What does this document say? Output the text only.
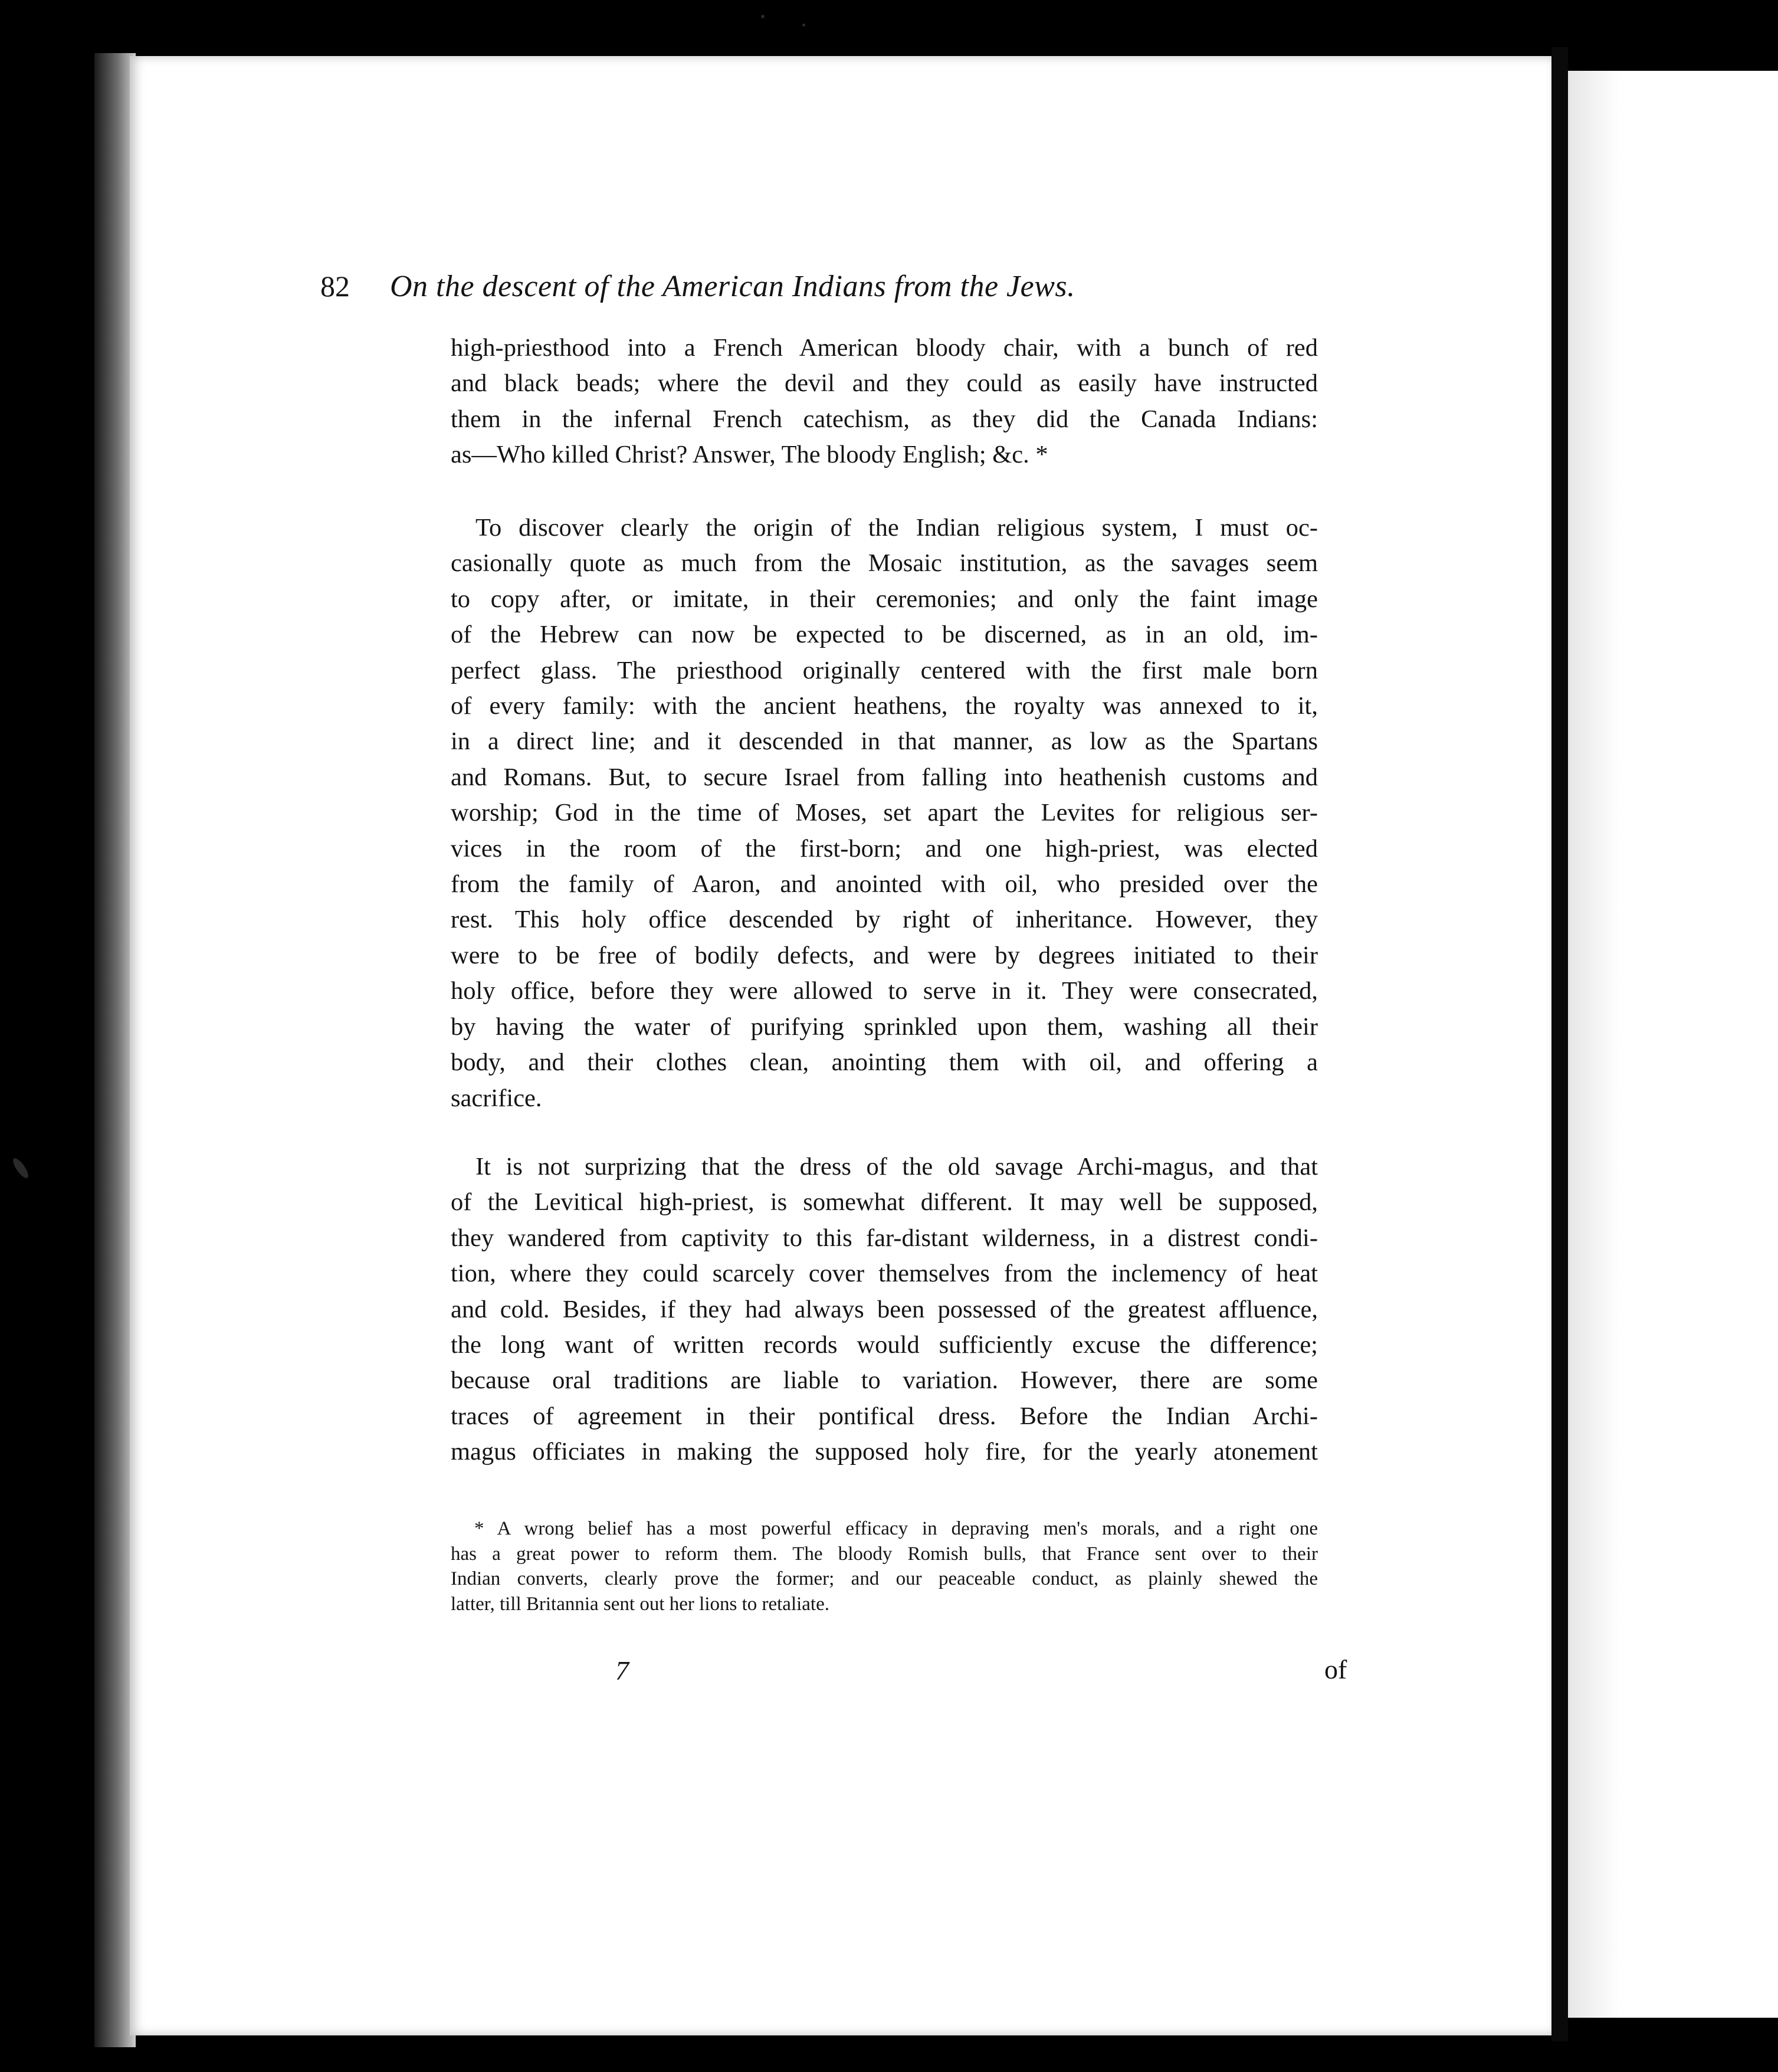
82 On the descent of the American Indians from the Jews.
high-priesthood into a French American bloody chair, with a bunch of red
and black beads; where the devil and they could as easily have instructed
them in the infernal French catechism, as they did the Canada Indians:
as—Who killed Christ? Answer, The bloody English; &c. *
To discover clearly the origin of the Indian religious system, I must oc-
casionally quote as much from the Mosaic institution, as the savages seem
to copy after, or imitate, in their ceremonies; and only the faint image
of the Hebrew can now be expected to be discerned, as in an old, im-
perfect glass. The priesthood originally centered with the first male born
of every family: with the ancient heathens, the royalty was annexed to it,
in a direct line; and it descended in that manner, as low as the Spartans
and Romans. But, to secure Israel from falling into heathenish customs and
worship; God in the time of Moses, set apart the Levites for religious ser-
vices in the room of the first-born; and one high-priest, was elected
from the family of Aaron, and anointed with oil, who presided over the
rest. This holy office descended by right of inheritance. However, they
were to be free of bodily defects, and were by degrees initiated to their
holy office, before they were allowed to serve in it. They were consecrated,
by having the water of purifying sprinkled upon them, washing all their
body, and their clothes clean, anointing them with oil, and offering a
sacrifice.
It is not surprizing that the dress of the old savage Archi-magus, and that
of the Levitical high-priest, is somewhat different. It may well be supposed,
they wandered from captivity to this far-distant wilderness, in a distrest condi-
tion, where they could scarcely cover themselves from the inclemency of heat
and cold. Besides, if they had always been possessed of the greatest affluence,
the long want of written records would sufficiently excuse the difference;
because oral traditions are liable to variation. However, there are some
traces of agreement in their pontifical dress. Before the Indian Archi-
magus officiates in making the supposed holy fire, for the yearly atonement
* A wrong belief has a most powerful efficacy in depraving men's morals, and a right one
has a great power to reform them. The bloody Romish bulls, that France sent over to their
Indian converts, clearly prove the former; and our peaceable conduct, as plainly shewed the
latter, till Britannia sent out her lions to retaliate.
7	of
